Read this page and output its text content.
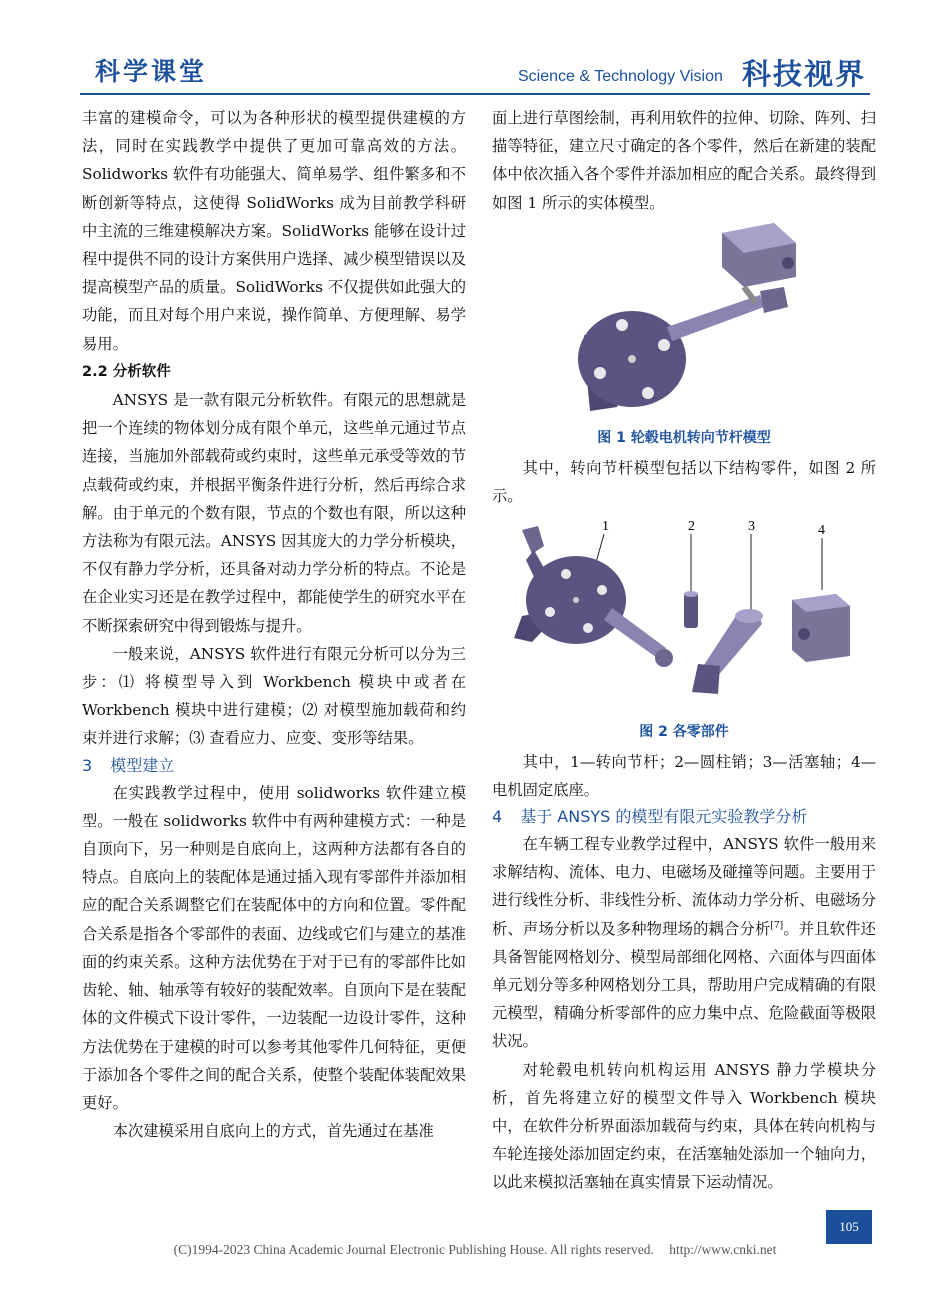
科学课堂	Science & Technology Vision 科技视界

丰富的建模命令，可以为各种形状的模型提供建模的方法，同时在实践教学中提供了更加可靠高效的方法。Solidworks 软件有功能强大、简单易学、组件繁多和不断创新等特点，这使得 SolidWorks 成为目前教学科研中主流的三维建模解决方案。SolidWorks 能够在设计过程中提供不同的设计方案供用户选择、减少模型错误以及提高模型产品的质量。SolidWorks 不仅提供如此强大的功能，而且对每个用户来说，操作简单、方便理解、易学易用。

2.2 分析软件

ANSYS 是一款有限元分析软件。有限元的思想就是把一个连续的物体划分成有限个单元，这些单元通过节点连接，当施加外部载荷或约束时，这些单元承受等效的节点载荷或约束，并根据平衡条件进行分析，然后再综合求解。由于单元的个数有限，节点的个数也有限，所以这种方法称为有限元法。ANSYS 因其庞大的力学分析模块，不仅有静力学分析，还具备对动力学分析的特点。不论是在企业实习还是在教学过程中，都能使学生的研究水平在不断探索研究中得到锻炼与提升。

一般来说，ANSYS 软件进行有限元分析可以分为三步：⑴ 将模型导入到 Workbench 模块中或者在 Workbench 模块中进行建模；⑵ 对模型施加载荷和约束并进行求解；⑶ 查看应力、应变、变形等结果。

3 模型建立

在实践教学过程中，使用 solidworks 软件建立模型。一般在 solidworks 软件中有两种建模方式：一种是自顶向下，另一种则是自底向上，这两种方法都有各自的特点。自底向上的装配体是通过插入现有零部件并添加相应的配合关系调整它们在装配体中的方向和位置。零件配合关系是指各个零部件的表面、边线或它们与建立的基准面的约束关系。这种方法优势在于对于已有的零部件比如齿轮、轴、轴承等有较好的装配效率。自顶向下是在装配体的文件模式下设计零件，一边装配一边设计零件，这种方法优势在于建模的时可以参考其他零件几何特征，更便于添加各个零件之间的配合关系，使整个装配体装配效果更好。

本次建模采用自底向上的方式，首先通过在基准

面上进行草图绘制，再利用软件的拉伸、切除、阵列、扫描等特征，建立尺寸确定的各个零件，然后在新建的装配体中依次插入各个零件并添加相应的配合关系。最终得到如图 1 所示的实体模型。

图 1 轮毂电机转向节杆模型

其中，转向节杆模型包括以下结构零件，如图 2 所示。

1	2	3	4
图 2 各零部件

其中，1—转向节杆；2—圆柱销；3—活塞轴；4—电机固定底座。

4 基于 ANSYS 的模型有限元实验教学分析

在车辆工程专业教学过程中，ANSYS 软件一般用来求解结构、流体、电力、电磁场及碰撞等问题。主要用于进行线性分析、非线性分析、流体动力学分析、电磁场分析、声场分析以及多种物理场的耦合分析[7]。并且软件还具备智能网格划分、模型局部细化网格、六面体与四面体单元划分等多种网格划分工具，帮助用户完成精确的有限元模型，精确分析零部件的应力集中点、危险截面等极限状况。

对轮毂电机转向机构运用 ANSYS 静力学模块分析，首先将建立好的模型文件导入 Workbench 模块中，在软件分析界面添加载荷与约束，具体在转向机构与车轮连接处添加固定约束，在活塞轴处添加一个轴向力，以此来模拟活塞轴在真实情景下运动情况。

105
(C)1994-2023 China Academic Journal Electronic Publishing House. All rights reserved. http://www.cnki.net
